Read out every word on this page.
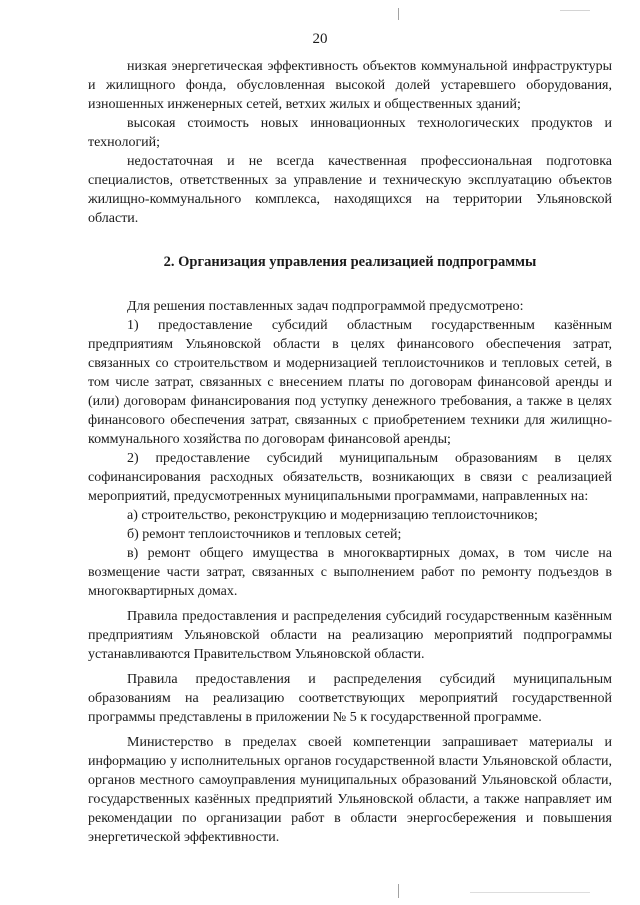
20

низкая энергетическая эффективность объектов коммунальной инфраструктуры и жилищного фонда, обусловленная высокой долей устаревшего оборудования, изношенных инженерных сетей, ветхих жилых и общественных зданий;

высокая стоимость новых инновационных технологических продуктов и технологий;

недостаточная и не всегда качественная профессиональная подготовка специалистов, ответственных за управление и техническую эксплуатацию объектов жилищно-коммунального комплекса, находящихся на территории Ульяновской области.

2. Организация управления реализацией подпрограммы

Для решения поставленных задач подпрограммой предусмотрено:

1) предоставление субсидий областным государственным казённым предприятиям Ульяновской области в целях финансового обеспечения затрат, связанных со строительством и модернизацией теплоисточников и тепловых сетей, в том числе затрат, связанных с внесением платы по договорам финансовой аренды и (или) договорам финансирования под уступку денежного требования, а также в целях финансового обеспечения затрат, связанных с приобретением техники для жилищно-коммунального хозяйства по договорам финансовой аренды;

2) предоставление субсидий муниципальным образованиям в целях софинансирования расходных обязательств, возникающих в связи с реализацией мероприятий, предусмотренных муниципальными программами, направленных на:

а) строительство, реконструкцию и модернизацию теплоисточников;

б) ремонт теплоисточников и тепловых сетей;

в) ремонт общего имущества в многоквартирных домах, в том числе на возмещение части затрат, связанных с выполнением работ по ремонту подъездов в многоквартирных домах.

Правила предоставления и распределения субсидий государственным казённым предприятиям Ульяновской области на реализацию мероприятий подпрограммы устанавливаются Правительством Ульяновской области.

Правила предоставления и распределения субсидий муниципальным образованиям на реализацию соответствующих мероприятий государственной программы представлены в приложении № 5 к государственной программе.

Министерство в пределах своей компетенции запрашивает материалы и информацию у исполнительных органов государственной власти Ульяновской области, органов местного самоуправления муниципальных образований Ульяновской области, государственных казённых предприятий Ульяновской области, а также направляет им рекомендации по организации работ в области энергосбережения и повышения энергетической эффективности.
